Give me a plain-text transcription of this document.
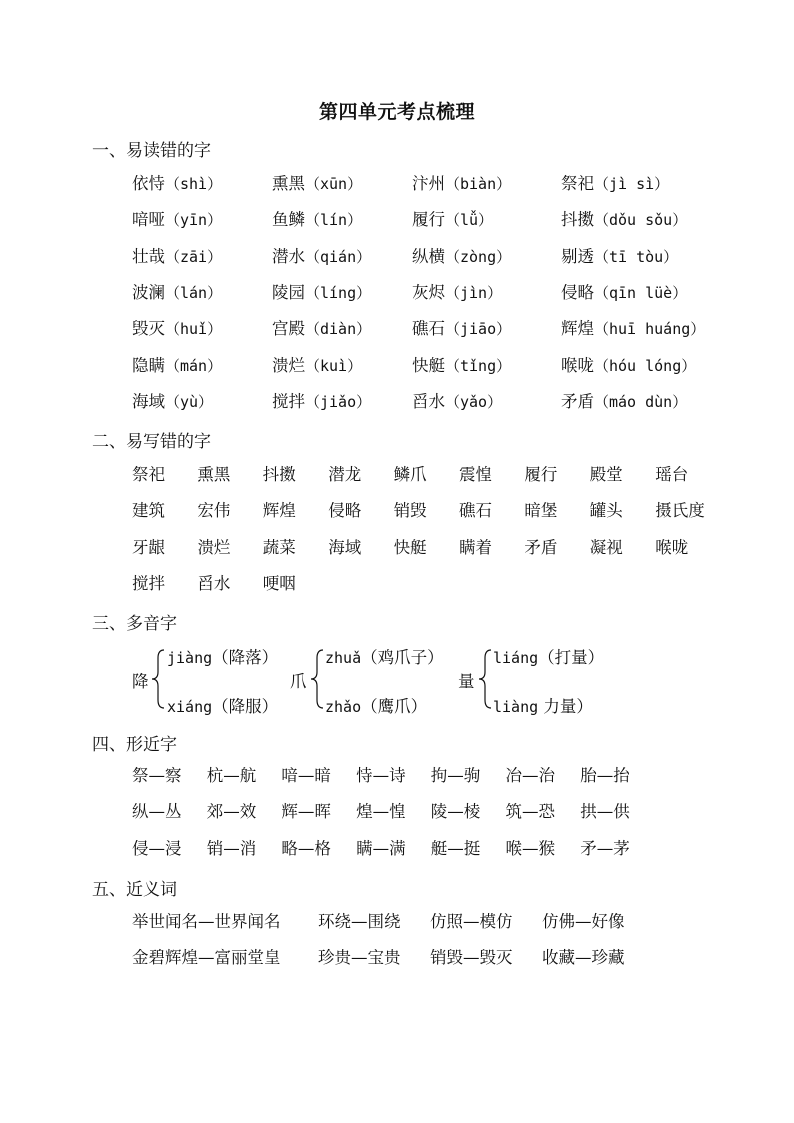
第四单元考点梳理
一、易读错的字
依恃（shì）	熏黑（xūn）	汴州（biàn）	祭祀（jì sì）
喑哑（yīn）	鱼鳞（lín）	履行（lǚ）	抖擞（dǒu sǒu）
壮哉（zāi）	潜水（qián） 纵横（zòng）	剔透（tī tòu）
波澜（lán）	陵园（líng） 灰烬（jìn）	侵略（qīn lüè）
毁灭（huǐ）	宫殿（diàn） 礁石（jiāo）	辉煌（huī huáng）
隐瞒（mán）	溃烂（kuì）	快艇（tǐng）	喉咙（hóu lóng）
海域（yù）	搅拌（jiǎo） 舀水（yǎo）	矛盾（máo dùn）
二、易写错的字
祭祀 熏黑 抖擞 潜龙 鳞爪 震惶 履行 殿堂 瑶台
建筑 宏伟 辉煌 侵略 销毁 礁石 暗堡 罐头 摄氏度
牙龈 溃烂 蔬菜 海域 快艇 瞒着 矛盾 凝视 喉咙
搅拌 舀水 哽咽
三、多音字
降
jiàng（降落）
xiáng（降服）
爪
zhuǎ（鸡爪子）
zhǎo（鹰爪）
量
liáng（打量）
liàng 力量）
四、形近字
祭—察 杭—航 喑—暗 恃—诗 拘—驹 冶—治 胎—抬
纵—丛 郊—效 辉—晖 煌—惶 陵—棱 筑—恐 拱—供
侵—浸 销—消 略—格 瞒—满 艇—挺 喉—猴 矛—茅
五、近义词
举世闻名—世界闻名 环绕—围绕 仿照—模仿 仿佛—好像
金碧辉煌—富丽堂皇 珍贵—宝贵 销毁—毁灭 收藏—珍藏
